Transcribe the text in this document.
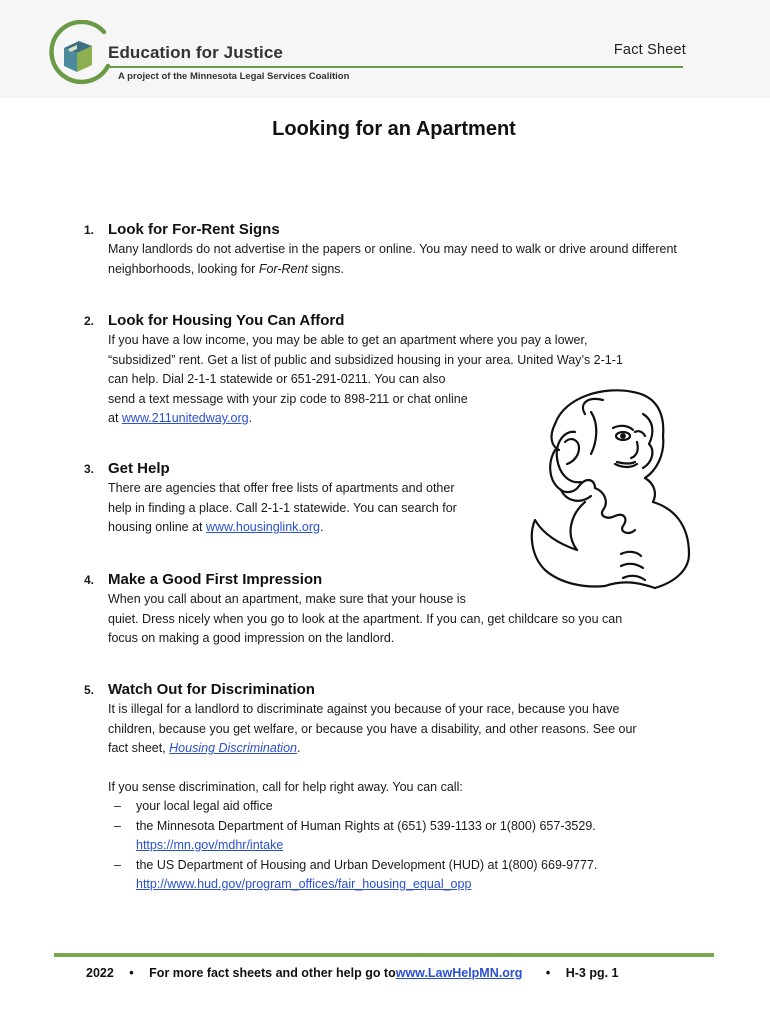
Education for Justice
A project of the Minnesota Legal Services Coalition
Fact Sheet
Looking for an Apartment
1. Look for For-Rent Signs

Many landlords do not advertise in the papers or online. You may need to walk or drive around different neighborhoods, looking for For-Rent signs.

2. Look for Housing You Can Afford

If you have a low income, you may be able to get an apartment where you pay a lower,

“subsidized” rent. Get a list of public and subsidized housing in your area. United Way’s 2-1-1

can help. Dial 2-1-1 statewide or 651-291-0211. You can also

send a text message with your zip code to 898-211 or chat online

at www.211unitedway.org.

3. Get Help

There are agencies that offer free lists of apartments and other

help in finding a place. Call 2-1-1 statewide. You can search for

housing online at www.housinglink.org.

4. Make a Good First Impression

When you call about an apartment, make sure that your house is

quiet. Dress nicely when you go to look at the apartment. If you can, get childcare so you can

focus on making a good impression on the landlord.

5. Watch Out for Discrimination

It is illegal for a landlord to discriminate against you because of your race, because you have

children, because you get welfare, or because you have a disability, and other reasons. See our

fact sheet, Housing Discrimination.

If you sense discrimination, call for help right away. You can call:

– your local legal aid office
– the Minnesota Department of Human Rights at (651) 539-1133 or 1(800) 657-3529.
https://mn.gov/mdhr/intake
– the US Department of Housing and Urban Development (HUD) at 1(800) 669-9777.
http://www.hud.gov/program_offices/fair_housing_equal_opp
2022 • For more fact sheets and other help go towww.LawHelpMN.org • H-3 pg. 1
